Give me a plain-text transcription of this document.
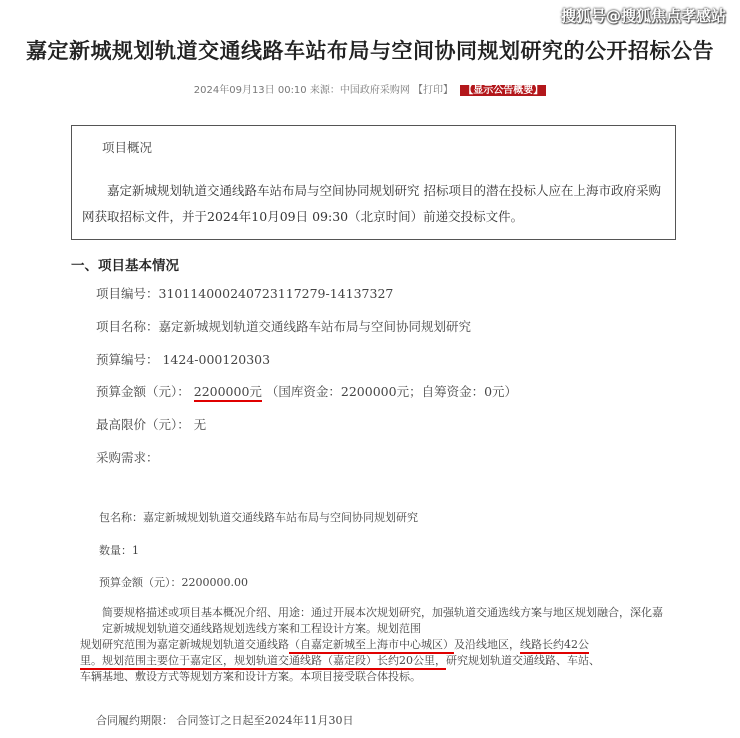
搜狐号@搜狐焦点孝感站
嘉定新城规划轨道交通线路车站布局与空间协同规划研究的公开招标公告
2024年09月13日 00:10 来源：中国政府采购网 【打印】 【显示公告概要】
项目概况
嘉定新城规划轨道交通线路车站布局与空间协同规划研究 招标项目的潜在投标人应在上海市政府采购网获取招标文件，并于2024年10月09日 09:30（北京时间）前递交投标文件。
一、项目基本情况
项目编号：310114000240723117279-14137327
项目名称：嘉定新城规划轨道交通线路车站布局与空间协同规划研究
预算编号： 1424-000120303
预算金额（元）： 2200000元 （国库资金：2200000元；自筹资金：0元）
最高限价（元）： 无
采购需求：
包名称：嘉定新城规划轨道交通线路车站布局与空间协同规划研究
数量：1
预算金额（元）：2200000.00
简要规格描述或项目基本概况介绍、用途：通过开展本次规划研究，加强轨道交通选线方案与地区规划融合，深化嘉定新城规划轨道交通线路规划选线方案和工程设计方案。规划范围
规划研究范围为嘉定新城规划轨道交通线路（自嘉定新城至上海市中心城区）及沿线地区，线路长约42公
里。规划范围主要位于嘉定区，规划轨道交通线路（嘉定段）长约20公里，研究规划轨道交通线路、车站、
车辆基地、敷设方式等规划方案和设计方案。本项目接受联合体投标。
合同履约期限： 合同签订之日起至2024年11月30日
